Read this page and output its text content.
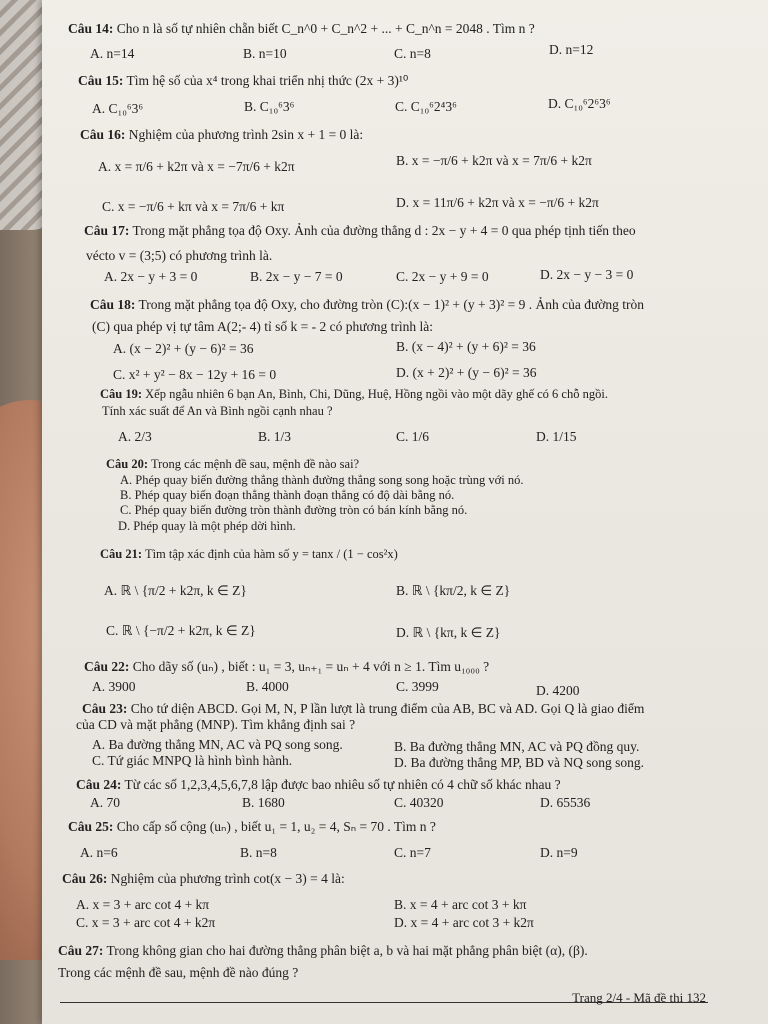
Câu 14: Cho n là số tự nhiên chẵn biết C_n^0 + C_n^2 + ... + C_n^n = 2048 . Tìm n ?
A. n=14	B. n=10	C. n=8	D. n=12
Câu 15: Tìm hệ số của x⁴ trong khai triển nhị thức (2x + 3)¹⁰
A. C₁₀⁶3⁶	B. C₁₀⁶3⁶	C. C₁₀⁶2⁴3⁶	D. C₁₀⁶2⁶3⁶
Câu 16: Nghiệm của phương trình 2sin x + 1 = 0 là:
A. x = π/6 + k2π và x = −7π/6 + k2π	B. x = −π/6 + k2π và x = 7π/6 + k2π
C. x = −π/6 + kπ và x = 7π/6 + kπ	D. x = 11π/6 + k2π và x = −π/6 + k2π
Câu 17: Trong mặt phẳng tọa độ Oxy. Ảnh của đường thẳng d : 2x − y + 4 = 0 qua phép tịnh tiến theo
vécto v = (3;5) có phương trình là.
A. 2x − y + 3 = 0	B. 2x − y − 7 = 0	C. 2x − y + 9 = 0	D. 2x − y − 3 = 0
Câu 18: Trong mặt phẳng tọa độ Oxy, cho đường tròn (C):(x − 1)² + (y + 3)² = 9 . Ảnh của đường tròn
(C) qua phép vị tự tâm A(2;- 4) tỉ số k = - 2 có phương trình là:
A. (x − 2)² + (y − 6)² = 36	B. (x − 4)² + (y + 6)² = 36
C. x² + y² − 8x − 12y + 16 = 0	D. (x + 2)² + (y − 6)² = 36
Câu 19: Xếp ngẫu nhiên 6 bạn An, Bình, Chi, Dũng, Huệ, Hồng ngồi vào một dãy ghế có 6 chỗ ngồi.
Tính xác suất để An và Bình ngồi cạnh nhau ?
A. 2/3	B. 1/3	C. 1/6	D. 1/15
Câu 20: Trong các mệnh đề sau, mệnh đề nào sai?
A. Phép quay biến đường thẳng thành đường thẳng song song hoặc trùng với nó.
B. Phép quay biến đoạn thẳng thành đoạn thẳng có độ dài bằng nó.
C. Phép quay biến đường tròn thành đường tròn có bán kính bằng nó.
D. Phép quay là một phép dời hình.
Câu 21: Tìm tập xác định của hàm số y = tanx / (1 − cos²x)
A. ℝ \ {π/2 + k2π, k ∈ Z}	B. ℝ \ {kπ/2, k ∈ Z}
C. ℝ \ {−π/2 + k2π, k ∈ Z}	D. ℝ \ {kπ, k ∈ Z}
Câu 22: Cho dãy số (uₙ) , biết : u₁ = 3, uₙ₊₁ = uₙ + 4 với n ≥ 1. Tìm u₁₀₀₀ ?
A. 3900	B. 4000	C. 3999	D. 4200
Câu 23: Cho tứ diện ABCD. Gọi M, N, P lần lượt là trung điểm của AB, BC và AD. Gọi Q là giao điểm
của CD và mặt phẳng (MNP). Tìm khẳng định sai ?
A. Ba đường thẳng MN, AC và PQ song song.	B. Ba đường thẳng MN, AC và PQ đồng quy.
C. Tứ giác MNPQ là hình bình hành.	D. Ba đường thẳng MP, BD và NQ song song.
Câu 24: Từ các số 1,2,3,4,5,6,7,8 lập được bao nhiêu số tự nhiên có 4 chữ số khác nhau ?
A. 70	B. 1680	C. 40320	D. 65536
Câu 25: Cho cấp số cộng (uₙ) , biết u₁ = 1, u₂ = 4, Sₙ = 70 . Tìm n ?
A. n=6	B. n=8	C. n=7	D. n=9
Câu 26: Nghiệm của phương trình cot(x − 3) = 4 là:
A. x = 3 + arc cot 4 + kπ	B. x = 4 + arc cot 3 + kπ
C. x = 3 + arc cot 4 + k2π	D. x = 4 + arc cot 3 + k2π
Câu 27: Trong không gian cho hai đường thẳng phân biệt a, b và hai mặt phẳng phân biệt (α), (β).
Trong các mệnh đề sau, mệnh đề nào đúng ?
Trang 2/4 - Mã đề thi 132
